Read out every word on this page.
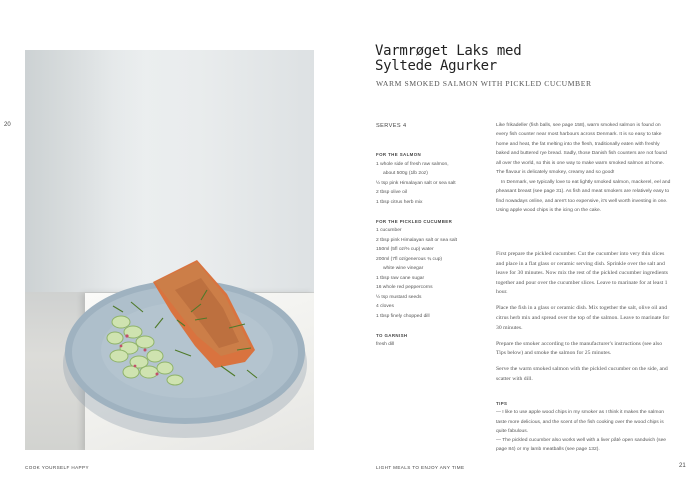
20
21
Varmrøget Laks med
Syltede Agurker
WARM SMOKED SALMON WITH PICKLED CUCUMBER
SERVES 4
FOR THE SALMON
1 whole side of fresh raw salmon,
about 500g (1lb 2oz)
½ tsp pink Himalayan salt or sea salt
2 tbsp olive oil
1 tbsp citrus herb mix
FOR THE PICKLED CUCUMBER
1 cucumber
2 tbsp pink Himalayan salt or sea salt
150ml (5fl oz/⅔ cup) water
200ml (7fl oz/generous ¾ cup)
white wine vinegar
1 tbsp raw cane sugar
16 whole red peppercorns
½ tsp mustard seeds
4 cloves
1 tbsp finely chopped dill
TO GARNISH
fresh dill

Like frikadeller (fish balls, see page 158), warm smoked salmon is found on every fish counter near most harbours across Denmark. It is so easy to take home and heat, the fat melting into the flesh, traditionally eaten with freshly baked and buttered rye bread. Sadly, those Danish fish counters are not found all over the world, so this is one way to make warm smoked salmon at home. The flavour is delicately smokey, creamy and so good!

In Denmark, we typically love to eat lightly smoked salmon, mackerel, eel and pheasant breast (see page 31). As fish and meat smokers are relatively easy to find nowadays online, and aren't too expensive, it's well worth investing in one. Using apple wood chips is the icing on the cake.

First prepare the pickled cucumber. Cut the cucumber into very thin slices and place in a flat glass or ceramic serving dish. Sprinkle over the salt and leave for 30 minutes. Now mix the rest of the pickled cucumber ingredients together and pour over the cucumber slices. Leave to marinate for at least 1 hour.

Place the fish in a glass or ceramic dish. Mix together the salt, olive oil and citrus herb mix and spread over the top of the salmon. Leave to marinate for 30 minutes.

Prepare the smoker according to the manufacturer's instructions (see also Tips below) and smoke the salmon for 25 minutes.

Serve the warm smoked salmon with the pickled cucumber on the side, and scatter with dill.

TIPS

— I like to use apple wood chips in my smoker as I think it makes the salmon taste more delicious, and the scent of the fish cooking over the wood chips is quite fabulous.

— The pickled cucumber also works well with a liver pâté open sandwich (see page 84) or my lamb meatballs (see page 132).

COOK YOURSELF HAPPY	LIGHT MEALS TO ENJOY ANY TIME
